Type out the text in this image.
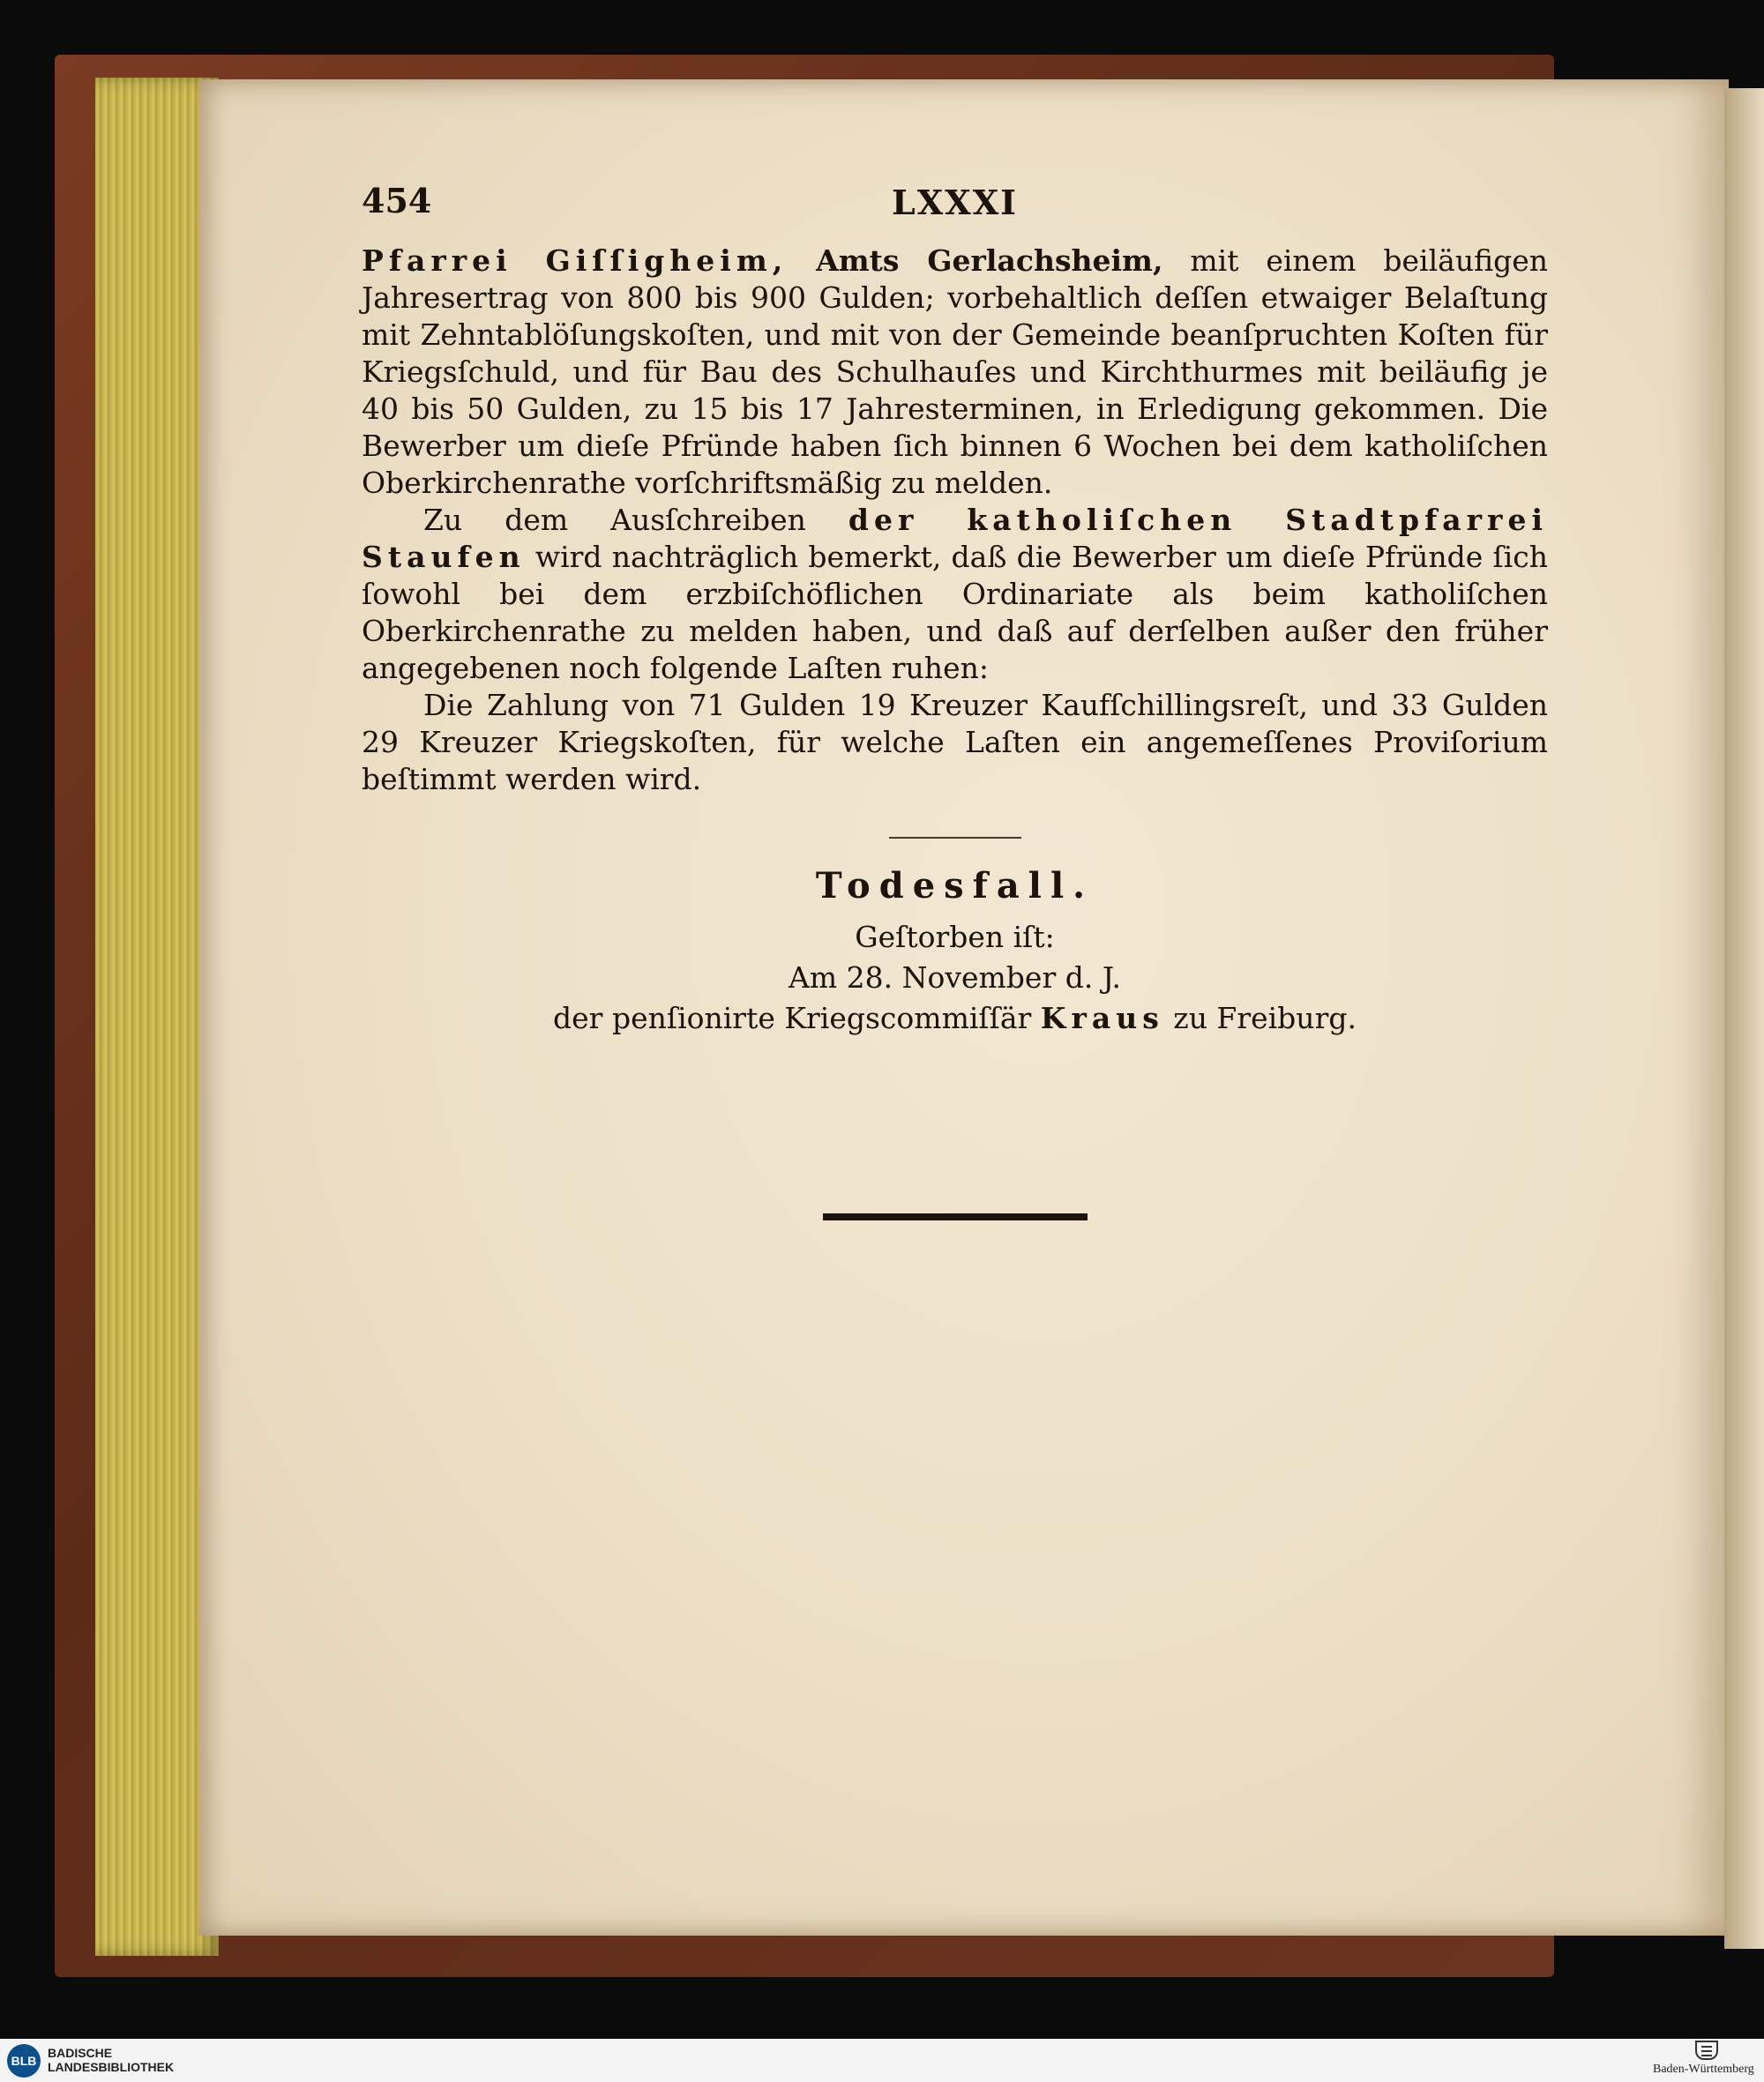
454	LXXXI

Pfarrei Giſſigheim, Amts Gerlachsheim, mit einem beiläufigen Jahresertrag von 800 bis 900 Gulden; vorbehaltlich deſſen etwaiger Belaſtung mit Zehntablöſungskoſten, und mit von der Gemeinde beanſpruchten Koſten für Kriegsſchuld, und für Bau des Schulhauſes und Kirchthurmes mit beiläufig je 40 bis 50 Gulden, zu 15 bis 17 Jahresterminen, in Erledigung gekommen. Die Bewerber um dieſe Pfründe haben ſich binnen 6 Wochen bei dem katholiſchen Oberkirchenrathe vorſchriftsmäßig zu melden.

Zu dem Ausſchreiben der katholiſchen Stadtpfarrei Staufen wird nachträglich bemerkt, daß die Bewerber um dieſe Pfründe ſich ſowohl bei dem erzbiſchöflichen Ordinariate als beim katholiſchen Oberkirchenrathe zu melden haben, und daß auf derſelben außer den früher angegebenen noch folgende Laſten ruhen:

Die Zahlung von 71 Gulden 19 Kreuzer Kaufſchillingsreſt, und 33 Gulden 29 Kreuzer Kriegskoſten, für welche Laſten ein angemeſſenes Proviſorium beſtimmt werden wird.

Todesfall.
Geſtorben iſt:
Am 28. November d. J.
der penſionirte Kriegscommiſſär Kraus zu Freiburg.
BLB
BADISCHE
LANDESBIBLIOTHEK	Baden-Württemberg
